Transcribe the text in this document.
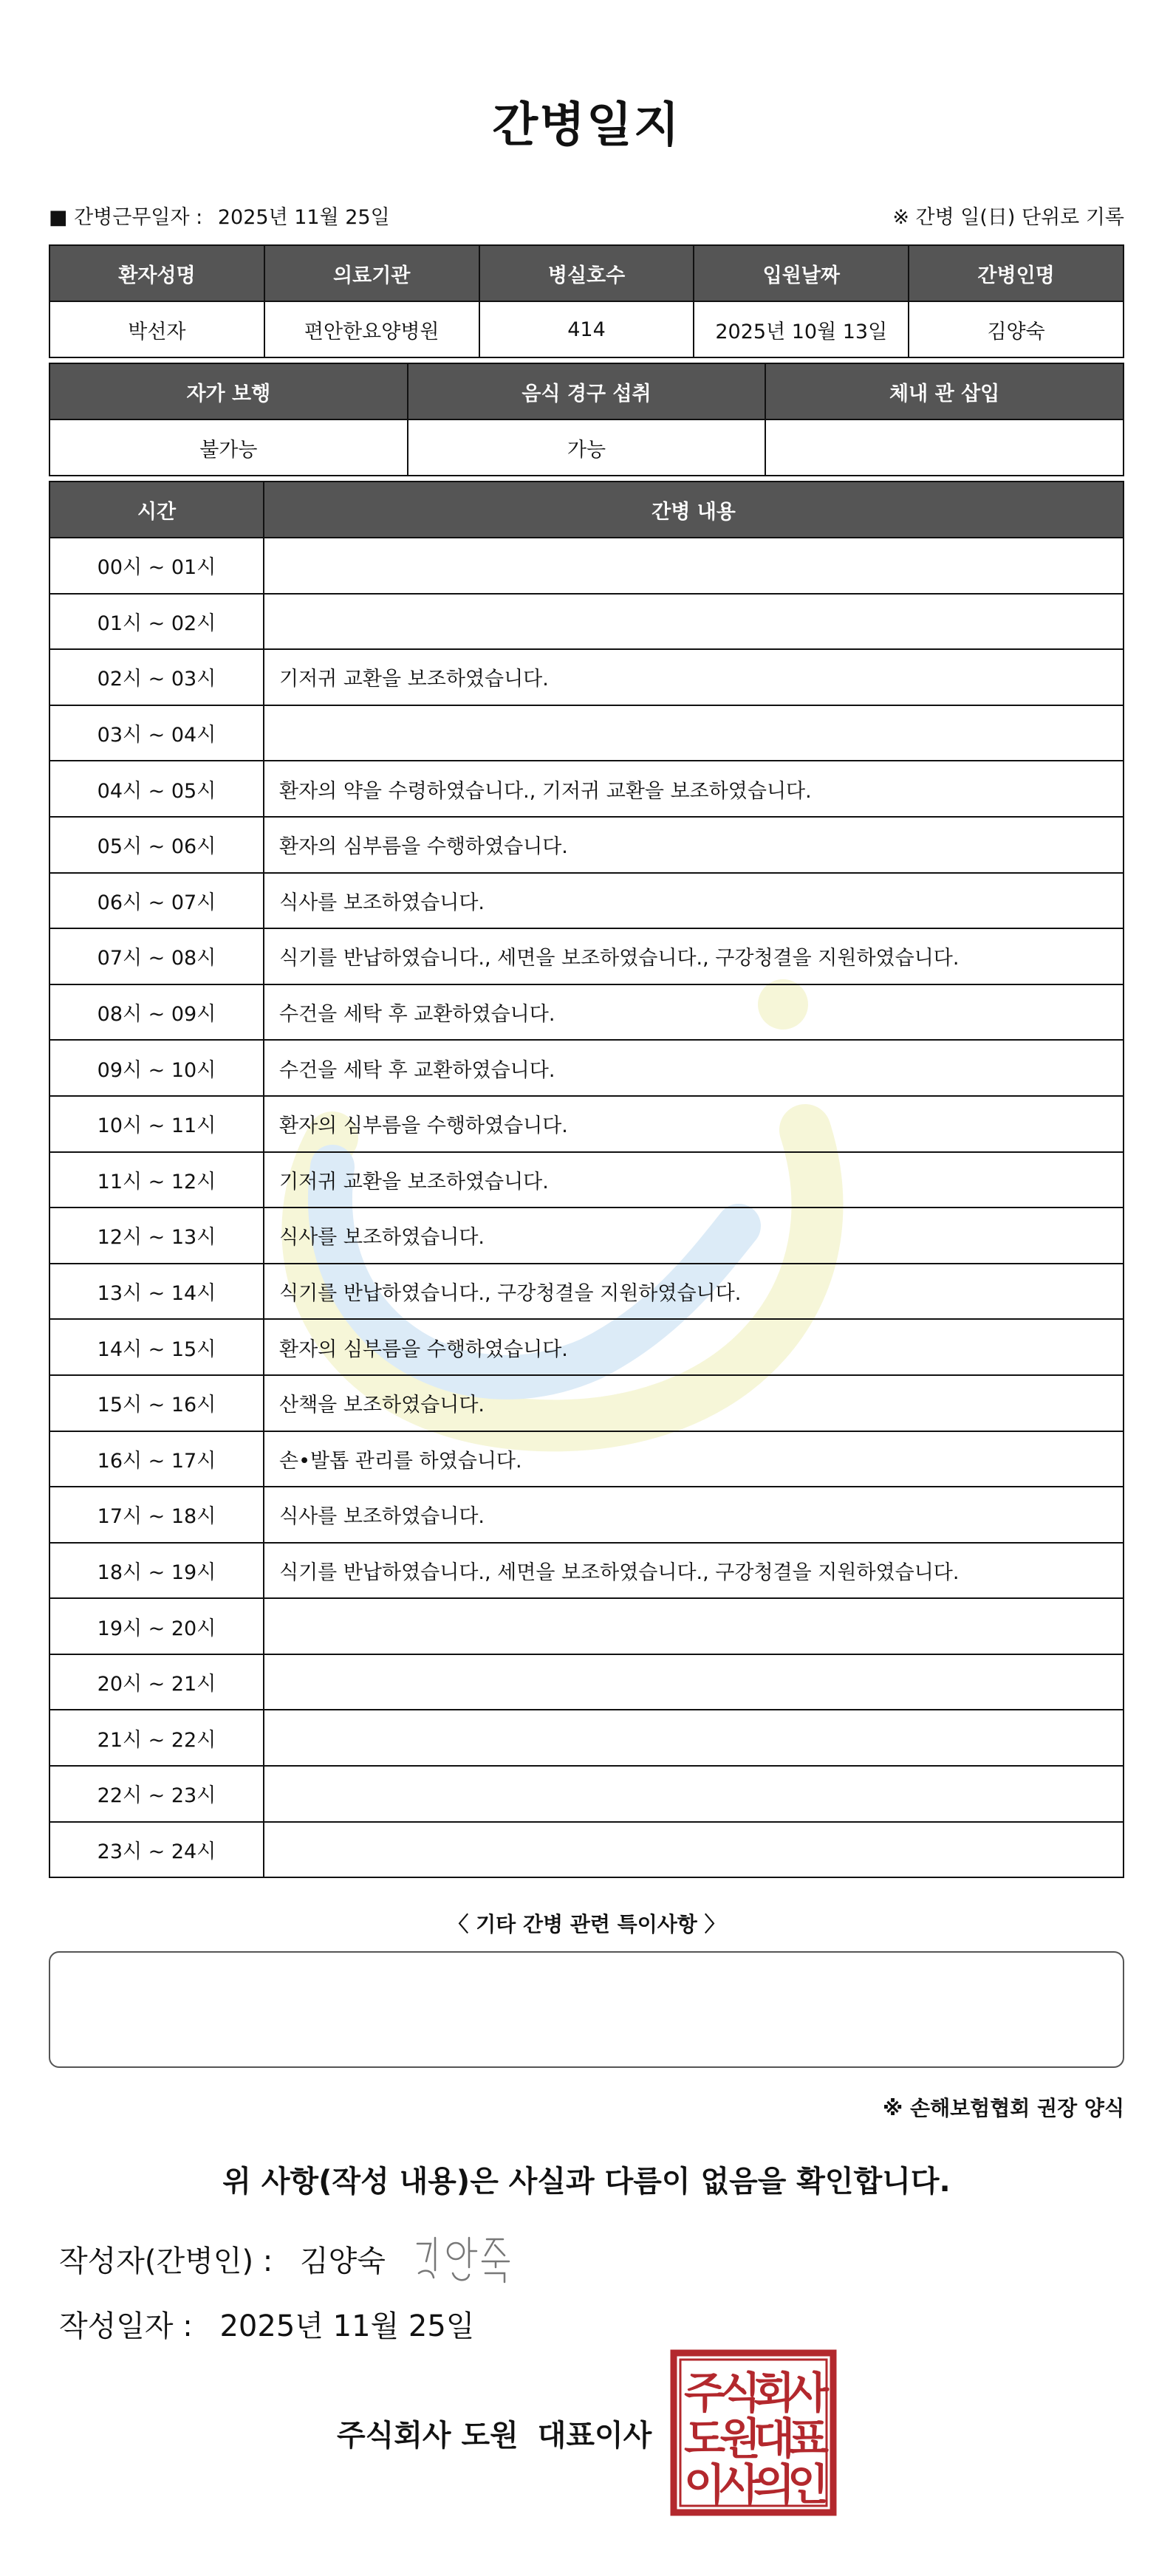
간병일지
■ 간병근무일자 : 2025년 11월 25일	※ 간병 일(日) 단위로 기록
환자성명	의료기관	병실호수	입원날짜	간병인명
박선자	편안한요양병원	414	2025년 10월 13일	김양숙
자가 보행	음식 경구 섭취	체내 관 삽입
불가능	가능	
시간	간병 내용
00시 ~ 01시	
01시 ~ 02시	
02시 ~ 03시	기저귀 교환을 보조하였습니다.
03시 ~ 04시	
04시 ~ 05시	환자의 약을 수령하였습니다., 기저귀 교환을 보조하였습니다.
05시 ~ 06시	환자의 심부름을 수행하였습니다.
06시 ~ 07시	식사를 보조하였습니다.
07시 ~ 08시	식기를 반납하였습니다., 세면을 보조하였습니다., 구강청결을 지원하였습니다.
08시 ~ 09시	수건을 세탁 후 교환하였습니다.
09시 ~ 10시	수건을 세탁 후 교환하였습니다.
10시 ~ 11시	환자의 심부름을 수행하였습니다.
11시 ~ 12시	기저귀 교환을 보조하였습니다.
12시 ~ 13시	식사를 보조하였습니다.
13시 ~ 14시	식기를 반납하였습니다., 구강청결을 지원하였습니다.
14시 ~ 15시	환자의 심부름을 수행하였습니다.
15시 ~ 16시	산책을 보조하였습니다.
16시 ~ 17시	손•발톱 관리를 하였습니다.
17시 ~ 18시	식사를 보조하였습니다.
18시 ~ 19시	식기를 반납하였습니다., 세면을 보조하였습니다., 구강청결을 지원하였습니다.
19시 ~ 20시	
20시 ~ 21시	
21시 ~ 22시	
22시 ~ 23시	
23시 ~ 24시	
〈 기타 간병 관련 특이사항 〉
※ 손해보험협회 권장 양식
위 사항(작성 내용)은 사실과 다름이 없음을 확인합니다.
작성자(간병인) : 김양숙
작성일자 : 2025년 11월 25일
주식회사 도원 대표이사
주
식
회
사
도
원
대
표
이
사
의
인
